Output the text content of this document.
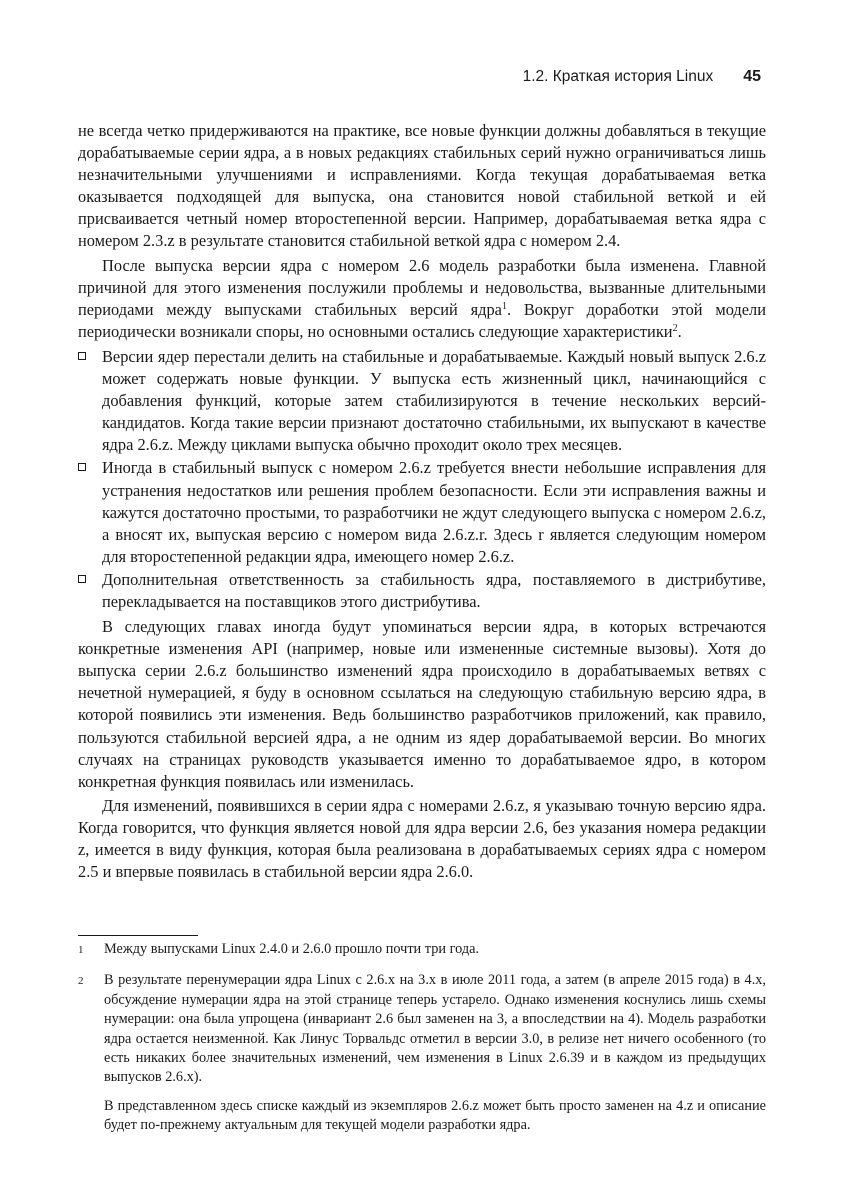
1.2. Краткая история Linux 45

не всегда четко придерживаются на практике, все новые функции должны добавляться в текущие дорабатываемые серии ядра, а в новых редакциях стабильных серий нужно ограничиваться лишь незначительными улучшениями и исправлениями. Когда текущая дорабатываемая ветка оказывается подходящей для выпуска, она становится новой стабильной веткой и ей присваивается четный номер второстепенной версии. Например, дорабатываемая ветка ядра с номером 2.3.z в результате становится стабильной веткой ядра с номером 2.4.

После выпуска версии ядра с номером 2.6 модель разработки была изменена. Главной причиной для этого изменения послужили проблемы и недовольства, вызванные длительными периодами между выпусками стабильных версий ядра$^1$. Вокруг доработки этой модели периодически возникали споры, но основными остались следующие характеристики$^2$.

Версии ядер перестали делить на стабильные и дорабатываемые. Каждый новый выпуск 2.6.z может содержать новые функции. У выпуска есть жизненный цикл, начинающийся с добавления функций, которые затем стабилизируются в течение нескольких версий-кандидатов. Когда такие версии признают достаточно стабильными, их выпускают в качестве ядра 2.6.z. Между циклами выпуска обычно проходит около трех месяцев.
Иногда в стабильный выпуск с номером 2.6.z требуется внести небольшие исправления для устранения недостатков или решения проблем безопасности. Если эти исправления важны и кажутся достаточно простыми, то разработчики не ждут следующего выпуска с номером 2.6.z, а вносят их, выпуская версию с номером вида 2.6.z.r. Здесь r является следующим номером для второстепенной редакции ядра, имеющего номер 2.6.z.
Дополнительная ответственность за стабильность ядра, поставляемого в дистрибутиве, перекладывается на поставщиков этого дистрибутива.

В следующих главах иногда будут упоминаться версии ядра, в которых встречаются конкретные изменения API (например, новые или измененные системные вызовы). Хотя до выпуска серии 2.6.z большинство изменений ядра происходило в дорабатываемых ветвях с нечетной нумерацией, я буду в основном ссылаться на следующую стабильную версию ядра, в которой появились эти изменения. Ведь большинство разработчиков приложений, как правило, пользуются стабильной версией ядра, а не одним из ядер дорабатываемой версии. Во многих случаях на страницах руководств указывается именно то дорабатываемое ядро, в котором конкретная функция появилась или изменилась.

Для изменений, появившихся в серии ядра с номерами 2.6.z, я указываю точную версию ядра. Когда говорится, что функция является новой для ядра версии 2.6, без указания номера редакции z, имеется в виду функция, которая была реализована в дорабатываемых сериях ядра с номером 2.5 и впервые появилась в стабильной версии ядра 2.6.0.

1	Между выпусками Linux 2.4.0 и 2.6.0 прошло почти три года.

2	В результате перенумерации ядра Linux с 2.6.x на 3.x в июле 2011 года, а затем (в апреле 2015 года) в 4.x, обсуждение нумерации ядра на этой странице теперь устарело. Однако изменения коснулись лишь схемы нумерации: она была упрощена (инвариант 2.6 был заменен на 3, а впоследствии на 4). Модель разработки ядра остается неизменной. Как Линус Торвальдс отметил в версии 3.0, в релизе нет ничего особенного (то есть никаких более значительных изменений, чем изменения в Linux 2.6.39 и в каждом из предыдущих выпусков 2.6.x).

В представленном здесь списке каждый из экземпляров 2.6.z может быть просто заменен на 4.z и описание будет по-прежнему актуальным для текущей модели разработки ядра.
